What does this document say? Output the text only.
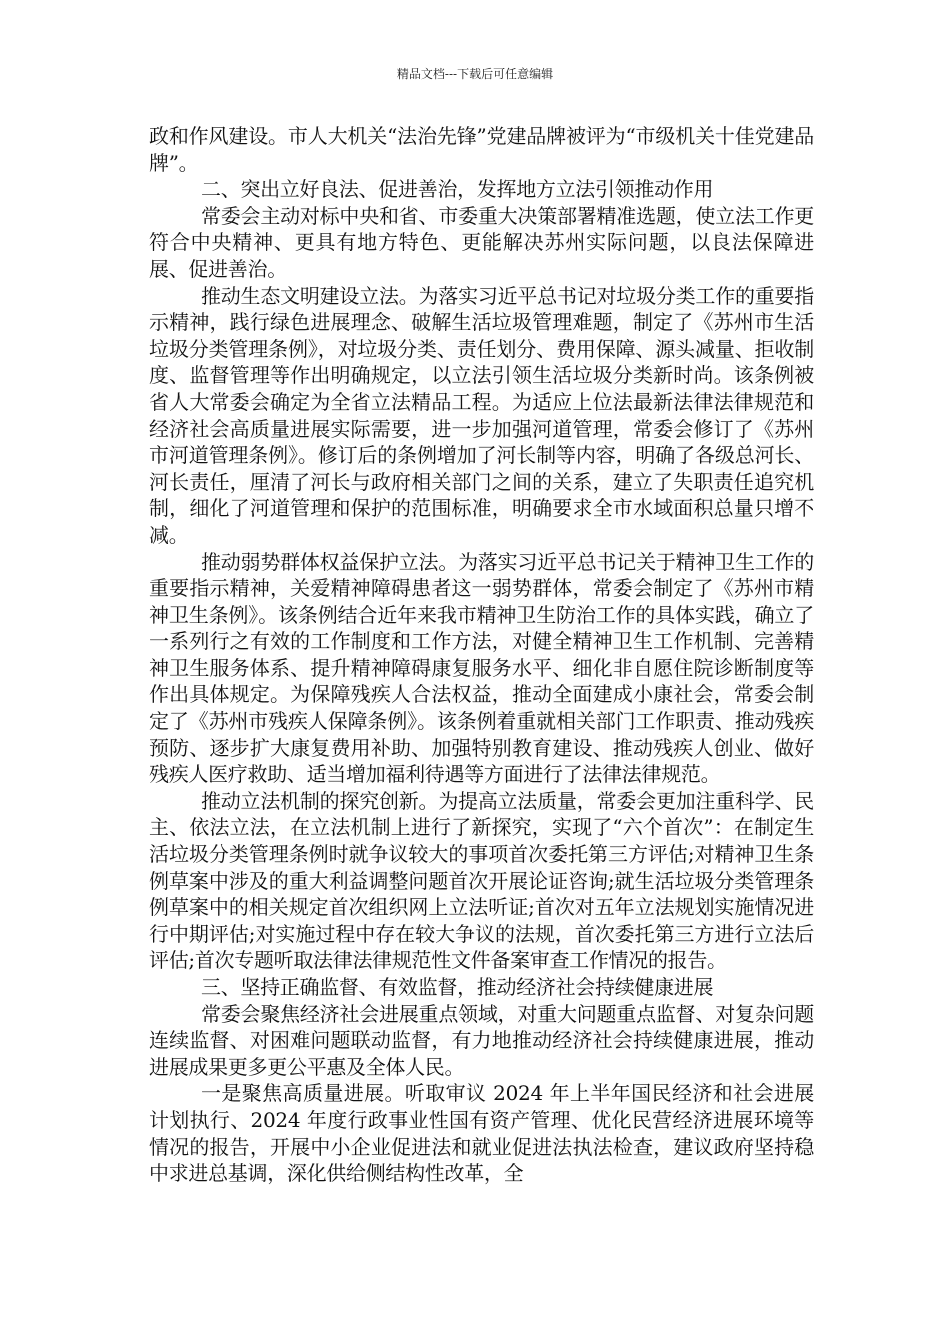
精品文档---下载后可任意编辑

政和作风建设。市人大机关“法治先锋”党建品牌被评为“市级机关十佳党建品牌”。

二、突出立好良法、促进善治，发挥地方立法引领推动作用

常委会主动对标中央和省、市委重大决策部署精准选题，使立法工作更符合中央精神、更具有地方特色、更能解决苏州实际问题，以良法保障进展、促进善治。

推动生态文明建设立法。为落实习近平总书记对垃圾分类工作的重要指示精神，践行绿色进展理念、破解生活垃圾管理难题，制定了《苏州市生活垃圾分类管理条例》，对垃圾分类、责任划分、费用保障、源头减量、拒收制度、监督管理等作出明确规定，以立法引领生活垃圾分类新时尚。该条例被省人大常委会确定为全省立法精品工程。为适应上位法最新法律法律规范和经济社会高质量进展实际需要，进一步加强河道管理，常委会修订了《苏州市河道管理条例》。修订后的条例增加了河长制等内容，明确了各级总河长、河长责任，厘清了河长与政府相关部门之间的关系，建立了失职责任追究机制，细化了河道管理和保护的范围标准，明确要求全市水域面积总量只增不减。

推动弱势群体权益保护立法。为落实习近平总书记关于精神卫生工作的重要指示精神，关爱精神障碍患者这一弱势群体，常委会制定了《苏州市精神卫生条例》。该条例结合近年来我市精神卫生防治工作的具体实践，确立了一系列行之有效的工作制度和工作方法，对健全精神卫生工作机制、完善精神卫生服务体系、提升精神障碍康复服务水平、细化非自愿住院诊断制度等作出具体规定。为保障残疾人合法权益，推动全面建成小康社会，常委会制定了《苏州市残疾人保障条例》。该条例着重就相关部门工作职责、推动残疾预防、逐步扩大康复费用补助、加强特别教育建设、推动残疾人创业、做好残疾人医疗救助、适当增加福利待遇等方面进行了法律法律规范。

推动立法机制的探究创新。为提高立法质量，常委会更加注重科学、民主、依法立法，在立法机制上进行了新探究，实现了“六个首次”：在制定生活垃圾分类管理条例时就争议较大的事项首次委托第三方评估;对精神卫生条例草案中涉及的重大利益调整问题首次开展论证咨询;就生活垃圾分类管理条例草案中的相关规定首次组织网上立法听证;首次对五年立法规划实施情况进行中期评估;对实施过程中存在较大争议的法规，首次委托第三方进行立法后评估;首次专题听取法律法律规范性文件备案审查工作情况的报告。

三、坚持正确监督、有效监督，推动经济社会持续健康进展

常委会聚焦经济社会进展重点领域，对重大问题重点监督、对复杂问题连续监督、对困难问题联动监督，有力地推动经济社会持续健康进展，推动进展成果更多更公平惠及全体人民。

一是聚焦高质量进展。听取审议 2024 年上半年国民经济和社会进展计划执行、2024 年度行政事业性国有资产管理、优化民营经济进展环境等情况的报告，开展中小企业促进法和就业促进法执法检查，建议政府坚持稳中求进总基调，深化供给侧结构性改革，全
